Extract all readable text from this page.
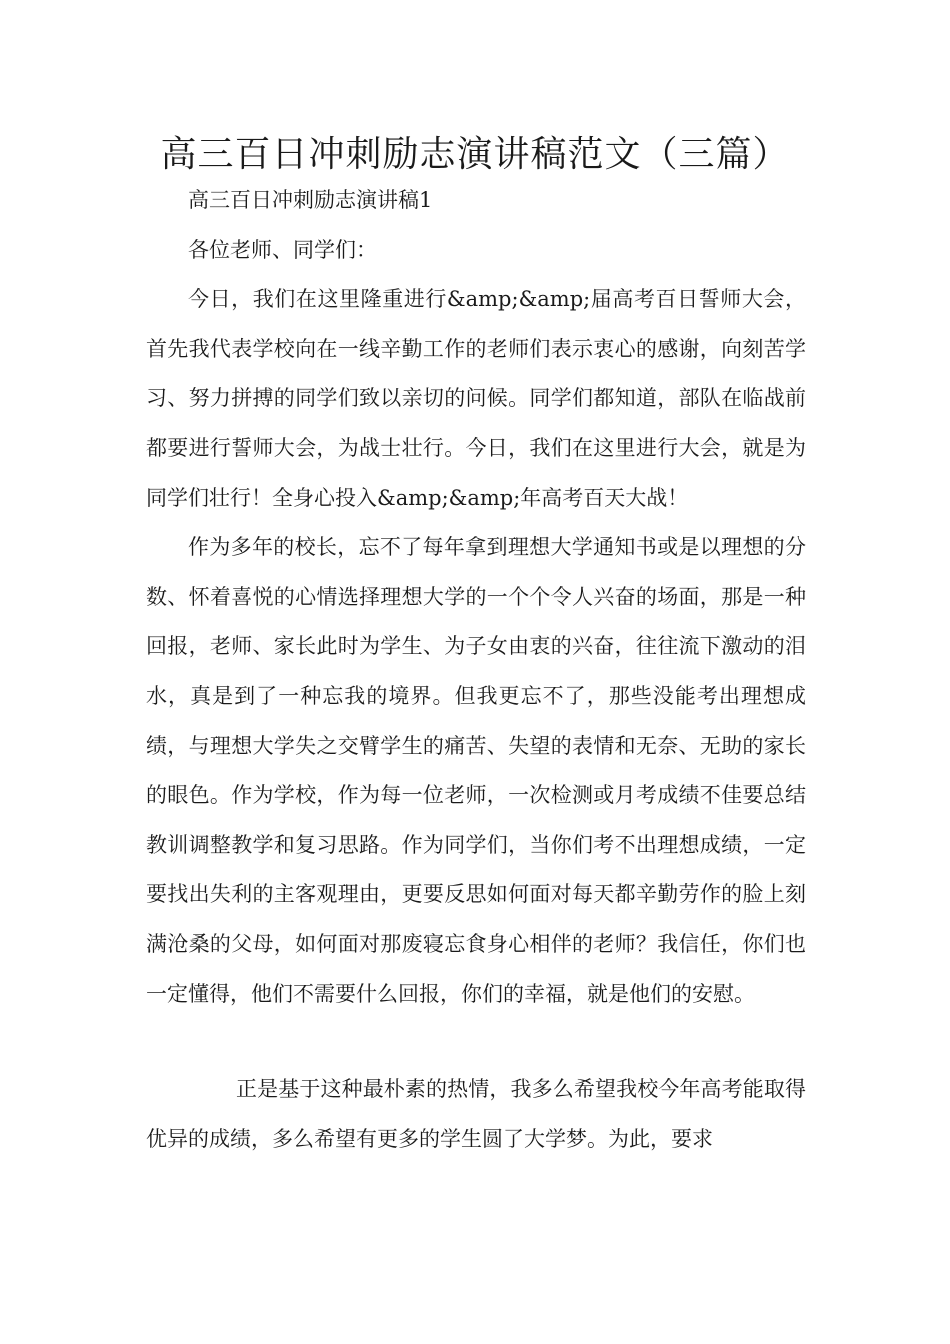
高三百日冲刺励志演讲稿范文（三篇）

高三百日冲刺励志演讲稿1

各位老师、同学们：

今日，我们在这里隆重进行&amp;&amp;届高考百日誓师大会，首先我代表学校向在一线辛勤工作的老师们表示衷心的感谢，向刻苦学习、努力拼搏的同学们致以亲切的问候。同学们都知道，部队在临战前都要进行誓师大会，为战士壮行。今日，我们在这里进行大会，就是为同学们壮行！全身心投入&amp;&amp;年高考百天大战！

作为多年的校长，忘不了每年拿到理想大学通知书或是以理想的分数、怀着喜悦的心情选择理想大学的一个个令人兴奋的场面，那是一种回报，老师、家长此时为学生、为子女由衷的兴奋，往往流下激动的泪水，真是到了一种忘我的境界。但我更忘不了，那些没能考出理想成绩，与理想大学失之交臂学生的痛苦、失望的表情和无奈、无助的家长的眼色。作为学校，作为每一位老师，一次检测或月考成绩不佳要总结教训调整教学和复习思路。作为同学们，当你们考不出理想成绩，一定要找出失利的主客观理由，更要反思如何面对每天都辛勤劳作的脸上刻满沧桑的父母，如何面对那废寝忘食身心相伴的老师？我信任，你们也一定懂得，他们不需要什么回报，你们的幸福，就是他们的安慰。

正是基于这种最朴素的热情，我多么希望我校今年高考能取得优异的成绩，多么希望有更多的学生圆了大学梦。为此，要求
